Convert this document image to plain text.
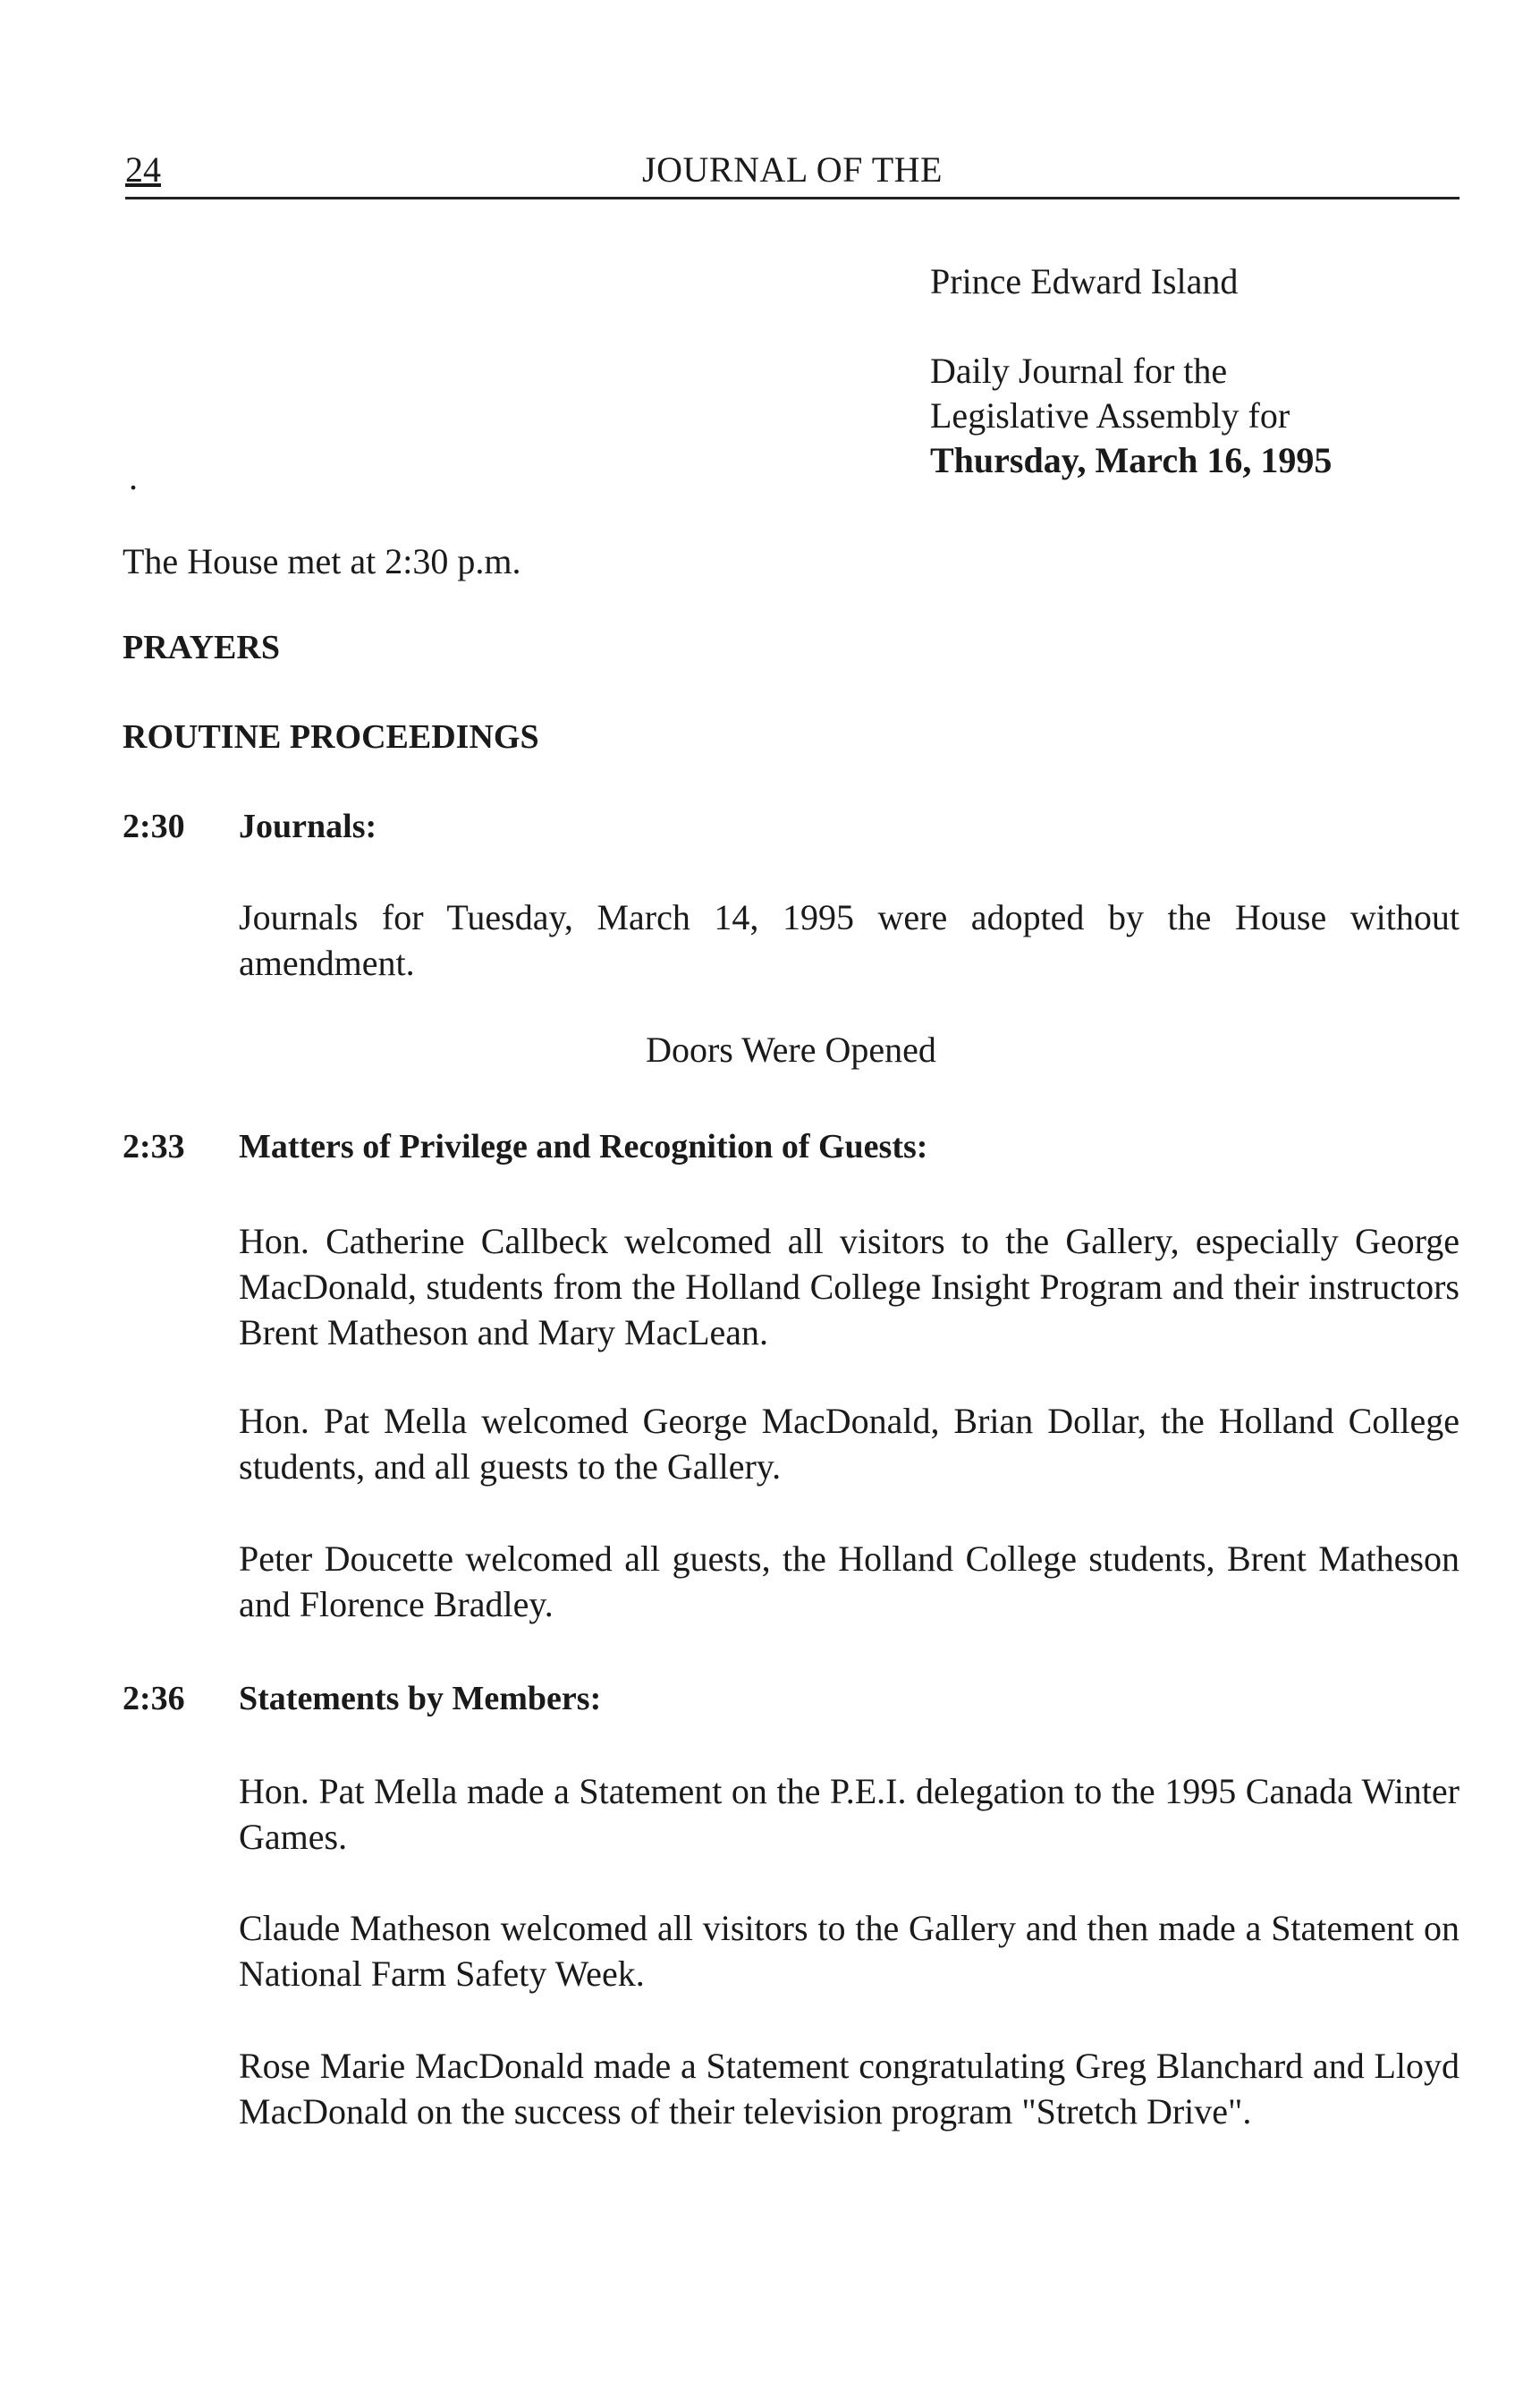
24	JOURNAL OF THE
Prince Edward Island
Daily Journal for the
Legislative Assembly for
Thursday, March 16, 1995
.
The House met at 2:30 p.m.
PRAYERS
ROUTINE PROCEEDINGS
2:30 Journals:
Journals for Tuesday, March 14, 1995 were adopted by the House without amendment.
Doors Were Opened
2:33 Matters of Privilege and Recognition of Guests:
Hon. Catherine Callbeck welcomed all visitors to the Gallery, especially George MacDonald, students from the Holland College Insight Program and their instructors Brent Matheson and Mary MacLean.
Hon. Pat Mella welcomed George MacDonald, Brian Dollar, the Holland College students, and all guests to the Gallery.
Peter Doucette welcomed all guests, the Holland College students, Brent Matheson and Florence Bradley.
2:36 Statements by Members:
Hon. Pat Mella made a Statement on the P.E.I. delegation to the 1995 Canada Winter Games.
Claude Matheson welcomed all visitors to the Gallery and then made a Statement on National Farm Safety Week.
Rose Marie MacDonald made a Statement congratulating Greg Blanchard and Lloyd MacDonald on the success of their television program "Stretch Drive".
